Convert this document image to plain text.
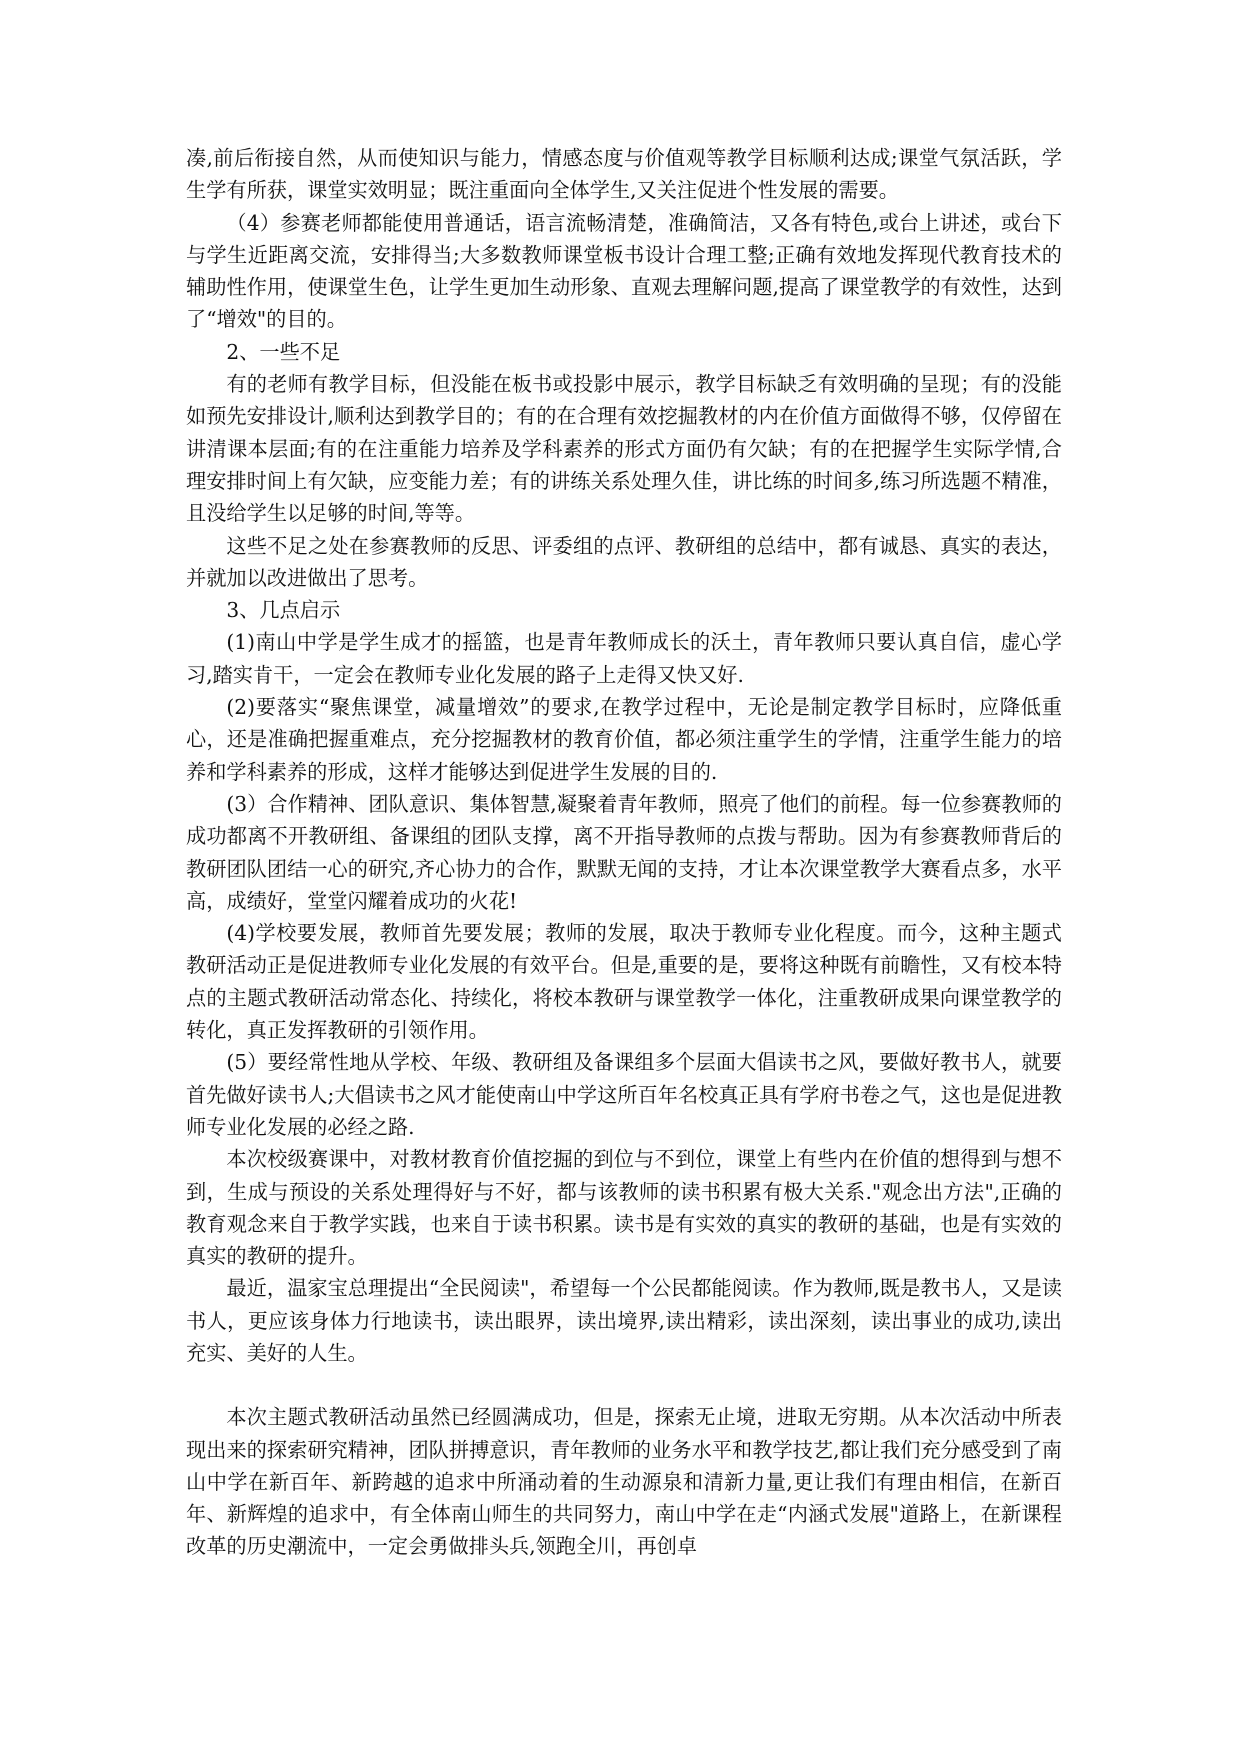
凑,前后衔接自然，从而使知识与能力，情感态度与价值观等教学目标顺利达成;课堂气氛活跃，学生学有所获，课堂实效明显；既注重面向全体学生,又关注促进个性发展的需要。

（4）参赛老师都能使用普通话，语言流畅清楚，准确简洁，又各有特色,或台上讲述，或台下与学生近距离交流，安排得当;大多数教师课堂板书设计合理工整;正确有效地发挥现代教育技术的辅助性作用，使课堂生色，让学生更加生动形象、直观去理解问题,提高了课堂教学的有效性，达到了“增效"的目的。

2、一些不足

有的老师有教学目标，但没能在板书或投影中展示，教学目标缺乏有效明确的呈现；有的没能如预先安排设计,顺利达到教学目的；有的在合理有效挖掘教材的内在价值方面做得不够，仅停留在讲清课本层面;有的在注重能力培养及学科素养的形式方面仍有欠缺；有的在把握学生实际学情,合理安排时间上有欠缺，应变能力差；有的讲练关系处理久佳，讲比练的时间多,练习所选题不精准，且没给学生以足够的时间,等等。

这些不足之处在参赛教师的反思、评委组的点评、教研组的总结中，都有诚恳、真实的表达，并就加以改进做出了思考。

3、几点启示

(1)南山中学是学生成才的摇篮，也是青年教师成长的沃土，青年教师只要认真自信，虚心学习,踏实肯干，一定会在教师专业化发展的路子上走得又快又好.

(2)要落实“聚焦课堂，减量增效”的要求,在教学过程中，无论是制定教学目标时，应降低重心，还是准确把握重难点，充分挖掘教材的教育价值，都必须注重学生的学情，注重学生能力的培养和学科素养的形成，这样才能够达到促进学生发展的目的.

(3）合作精神、团队意识、集体智慧,凝聚着青年教师，照亮了他们的前程。每一位参赛教师的成功都离不开教研组、备课组的团队支撑，离不开指导教师的点拨与帮助。因为有参赛教师背后的教研团队团结一心的研究,齐心协力的合作，默默无闻的支持，才让本次课堂教学大赛看点多，水平高，成绩好，堂堂闪耀着成功的火花!

(4)学校要发展，教师首先要发展；教师的发展，取决于教师专业化程度。而今，这种主题式教研活动正是促进教师专业化发展的有效平台。但是,重要的是，要将这种既有前瞻性，又有校本特点的主题式教研活动常态化、持续化，将校本教研与课堂教学一体化，注重教研成果向课堂教学的转化，真正发挥教研的引领作用。

(5）要经常性地从学校、年级、教研组及备课组多个层面大倡读书之风，要做好教书人，就要首先做好读书人;大倡读书之风才能使南山中学这所百年名校真正具有学府书卷之气，这也是促进教师专业化发展的必经之路.

本次校级赛课中，对教材教育价值挖掘的到位与不到位，课堂上有些内在价值的想得到与想不到，生成与预设的关系处理得好与不好，都与该教师的读书积累有极大关系."观念出方法",正确的教育观念来自于教学实践，也来自于读书积累。读书是有实效的真实的教研的基础，也是有实效的真实的教研的提升。

最近，温家宝总理提出“全民阅读"，希望每一个公民都能阅读。作为教师,既是教书人，又是读书人，更应该身体力行地读书，读出眼界，读出境界,读出精彩，读出深刻，读出事业的成功,读出充实、美好的人生。

本次主题式教研活动虽然已经圆满成功，但是，探索无止境，进取无穷期。从本次活动中所表现出来的探索研究精神，团队拼搏意识，青年教师的业务水平和教学技艺,都让我们充分感受到了南山中学在新百年、新跨越的追求中所涌动着的生动源泉和清新力量,更让我们有理由相信，在新百年、新辉煌的追求中，有全体南山师生的共同努力，南山中学在走“内涵式发展"道路上，在新课程改革的历史潮流中，一定会勇做排头兵,领跑全川，再创卓
